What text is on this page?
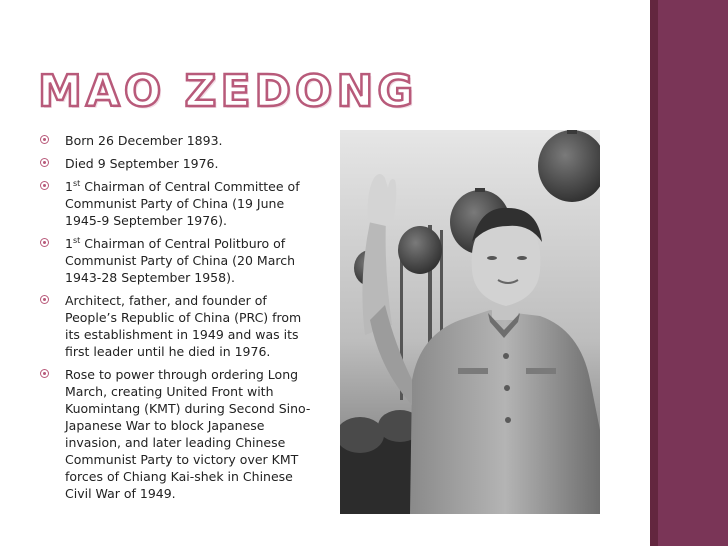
MAO ZEDONG
Born 26 December 1893.
Died 9 September 1976.
1st Chairman of Central Committee of Communist Party of China (19 June 1945-9 September 1976).
1st Chairman of Central Politburo of Communist Party of China (20 March 1943-28 September 1958).
Architect, father, and founder of People’s Republic of China (PRC) from its establishment in 1949 and was its first leader until he died in 1976.
Rose to power through ordering Long March, creating United Front with Kuomintang (KMT) during Second Sino-Japanese War to block Japanese invasion, and later leading Chinese Communist Party to victory over KMT forces of Chiang Kai-shek in Chinese Civil War of 1949.
